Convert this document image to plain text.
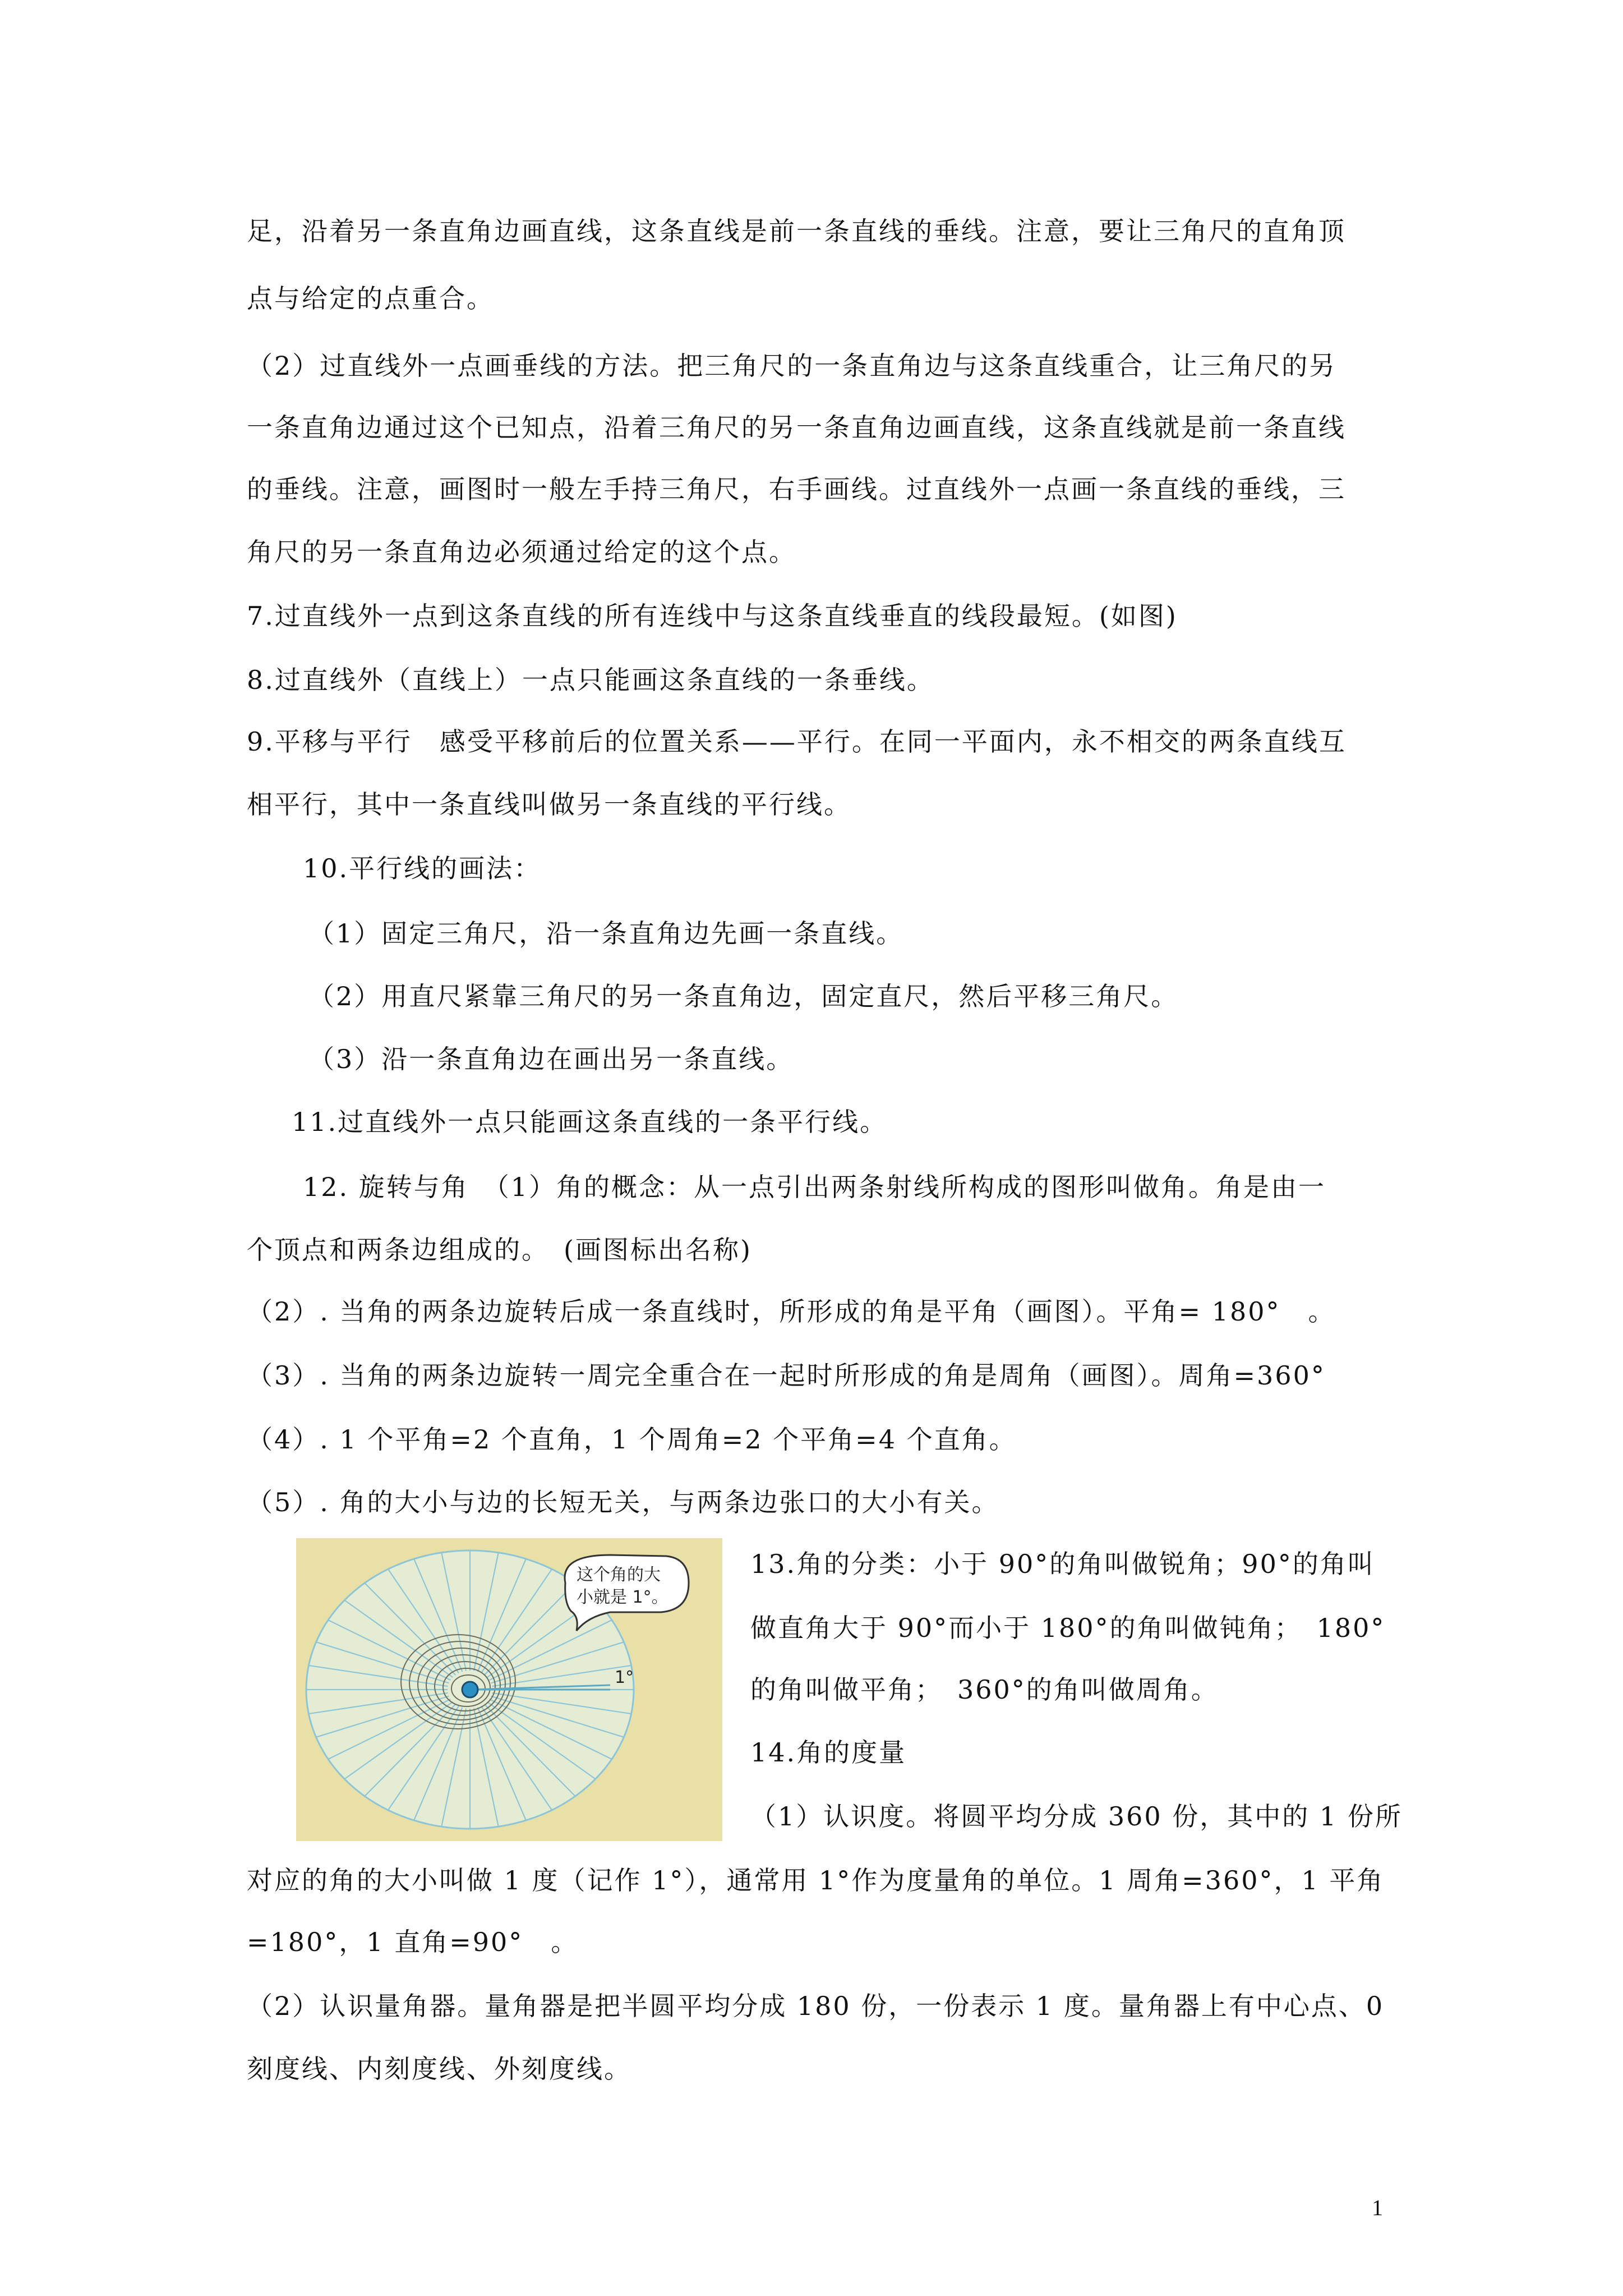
足，沿着另一条直角边画直线，这条直线是前一条直线的垂线。注意，要让三角尺的直角顶
点与给定的点重合。
（2）过直线外一点画垂线的方法。把三角尺的一条直角边与这条直线重合，让三角尺的另
一条直角边通过这个已知点，沿着三角尺的另一条直角边画直线，这条直线就是前一条直线
的垂线。注意，画图时一般左手持三角尺，右手画线。过直线外一点画一条直线的垂线，三
角尺的另一条直角边必须通过给定的这个点。
7.过直线外一点到这条直线的所有连线中与这条直线垂直的线段最短。(如图)
8.过直线外（直线上）一点只能画这条直线的一条垂线。
9.平移与平行　感受平移前后的位置关系——平行。在同一平面内，永不相交的两条直线互
相平行，其中一条直线叫做另一条直线的平行线。
10.平行线的画法：
（1）固定三角尺，沿一条直角边先画一条直线。
（2）用直尺紧靠三角尺的另一条直角边，固定直尺，然后平移三角尺。
（3）沿一条直角边在画出另一条直线。
11.过直线外一点只能画这条直线的一条平行线。
12. 旋转与角　（1）角的概念：从一点引出两条射线所构成的图形叫做角。角是由一
个顶点和两条边组成的。　(画图标出名称)
（2）. 当角的两条边旋转后成一条直线时，所形成的角是平角（画图）。平角= 180°　。
（3）. 当角的两条边旋转一周完全重合在一起时所形成的角是周角（画图）。周角=360°
（4）. 1 个平角=2 个直角，1 个周角=2 个平角=4 个直角。
（5）. 角的大小与边的长短无关，与两条边张口的大小有关。
13.角的分类：小于 90°的角叫做锐角；90°的角叫
做直角大于 90°而小于 180°的角叫做钝角；　180°
的角叫做平角；　360°的角叫做周角。
14.角的度量
（1）认识度。将圆平均分成 360 份，其中的 1 份所
对应的角的大小叫做 1 度（记作 1°），通常用 1°作为度量角的单位。1 周角=360°，1 平角
=180°，1 直角=90°　。
（2）认识量角器。量角器是把半圆平均分成 180 份，一份表示 1 度。量角器上有中心点、0
刻度线、内刻度线、外刻度线。
这个角的大
小就是 1°。
1°
1
